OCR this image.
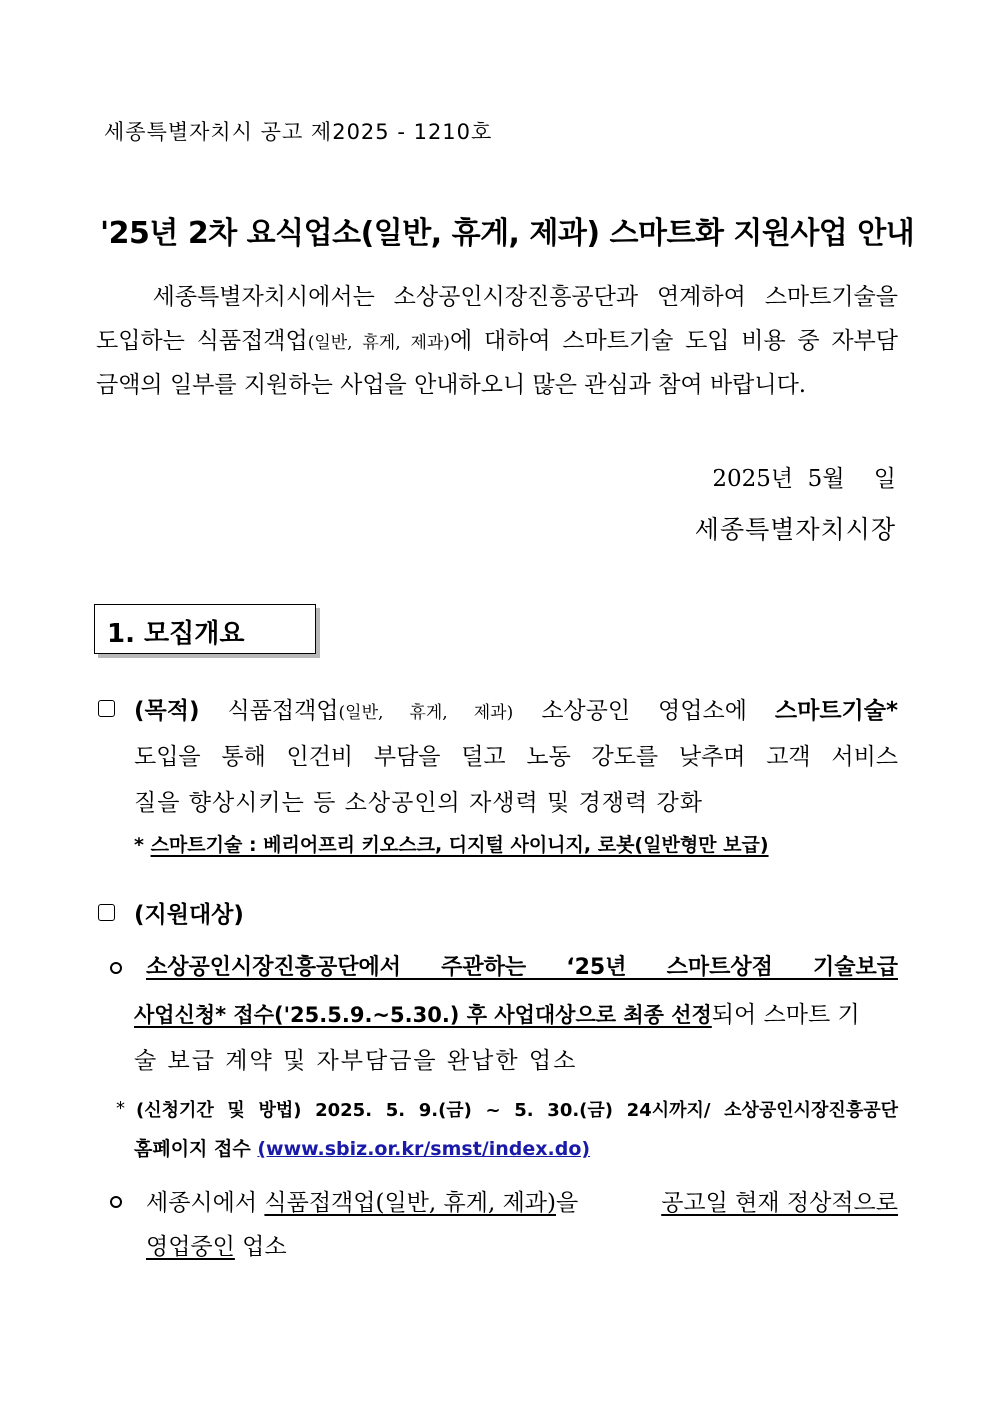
세종특별자치시 공고 제2025 - 1210호
'25년 2차 요식업소(일반, 휴게, 제과) 스마트화 지원사업 안내
세종특별자치시에서는 소상공인시장진흥공단과 연계하여 스마트기술을
도입하는 식품접객업(일반, 휴게, 제과)에 대하여 스마트기술 도입 비용 중 자부담
금액의 일부를 지원하는 사업을 안내하오니 많은 관심과 참여 바랍니다.
2025년  5월    일
세종특별자치시장
1. 모집개요
(목적) 식품접객업(일반, 휴게, 제과) 소상공인 영업소에 스마트기술*
도입을 통해 인건비 부담을 덜고 노동 강도를 낮추며 고객 서비스
질을 향상시키는 등 소상공인의 자생력 및 경쟁력 강화
* 스마트기술 : 베리어프리 키오스크, 디지털 사이니지, 로봇(일반형만 보급)
(지원대상)
소상공인시장진흥공단에서 주관하는 ‘25년 스마트상점 기술보급
사업신청* 접수('25.5.9.~5.30.) 후 사업대상으로 최종 선정되어 스마트 기
술 보급 계약 및 자부담금을 완납한 업소
* (신청기간 및 방법) 2025. 5. 9.(금) ~ 5. 30.(금) 24시까지/ 소상공인시장진흥공단
홈페이지 접수 (www.sbiz.or.kr/smst/index.do)
세종시에서 식품접객업(일반, 휴게, 제과)을	공고일 현재 정상적으로
영업중인 업소
